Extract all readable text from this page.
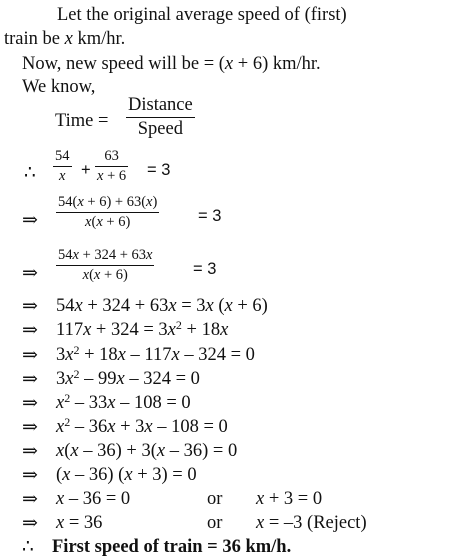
Let the original average speed of (first)
train be x km/hr.
Now, new speed will be = (x + 6) km/hr.
We know,
Time =
Distance
Speed
∴ $\frac{54}{x} + \frac{63}{x + 6} = 3$
⇒ $\frac{54(x + 6) + 63(x)}{x(x + 6)} = 3$
⇒ $\frac{54x + 324 + 63x}{x(x + 6)} = 3$
⇒ 54x + 324 + 63x = 3x (x + 6)
⇒ $117x + 324 = 3x^2 + 18x$
⇒ $3x^2 + 18x - 117x - 324 = 0$
⇒ $3x^2 - 99x - 324 = 0$
⇒ $x^2 - 33x - 108 = 0$
⇒ $x^2 - 36x + 3x - 108 = 0$
⇒ x(x – 36) + 3(x – 36) = 0
⇒ (x – 36) (x + 3) = 0
⇒ x – 36 = 0	or x + 3 = 0
⇒ x = 36	or x = –3 (Reject)
∴ First speed of train = 36 km/h.
